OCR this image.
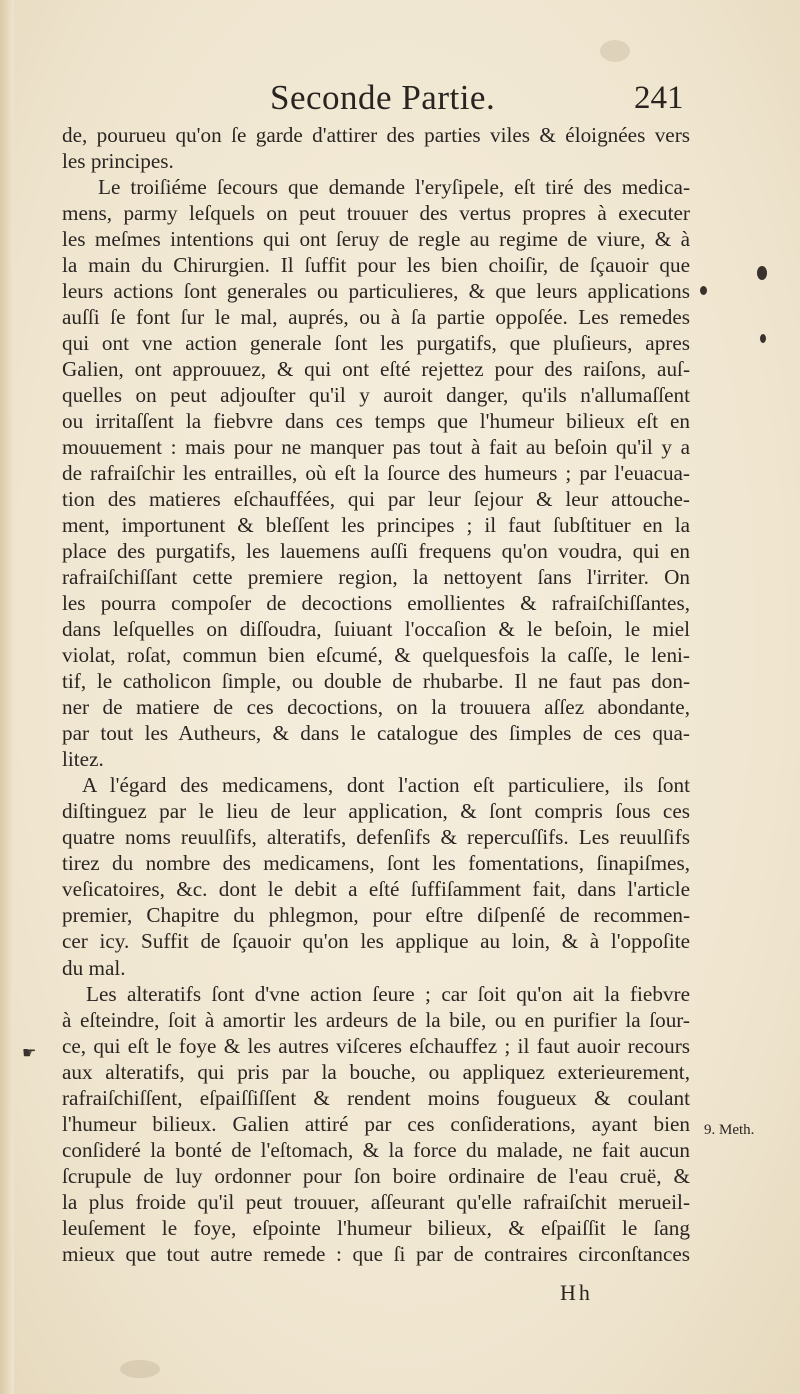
Seconde Partie.	241
de, pourueu qu'on ſe garde d'attirer des parties viles & éloignées vers
les principes.
Le troiſiéme ſecours que demande l'eryſipele, eſt tiré des medica-
mens, parmy leſquels on peut trouuer des vertus propres à executer
les meſmes intentions qui ont ſeruy de regle au regime de viure, & à
la main du Chirurgien. Il ſuffit pour les bien choiſir, de ſçauoir que
leurs actions ſont generales ou particulieres, & que leurs applications
auſſi ſe font ſur le mal, auprés, ou à ſa partie oppoſée. Les remedes
qui ont vne action generale ſont les purgatifs, que pluſieurs, apres
Galien, ont approuuez, & qui ont eſté rejettez pour des raiſons, auſ-
quelles on peut adjouſter qu'il y auroit danger, qu'ils n'allumaſſent
ou irritaſſent la fiebvre dans ces temps que l'humeur bilieux eſt en
mouuement : mais pour ne manquer pas tout à fait au beſoin qu'il y a
de rafraiſchir les entrailles, où eſt la ſource des humeurs ; par l'euacua-
tion des matieres eſchauffées, qui par leur ſejour & leur attouche-
ment, importunent & bleſſent les principes ; il faut ſubſtituer en la
place des purgatifs, les lauemens auſſi frequens qu'on voudra, qui en
rafraiſchiſſant cette premiere region, la nettoyent ſans l'irriter. On
les pourra compoſer de decoctions emollientes & rafraiſchiſſantes,
dans leſquelles on diſſoudra, ſuiuant l'occaſion & le beſoin, le miel
violat, roſat, commun bien eſcumé, & quelquesfois la caſſe, le leni-
tif, le catholicon ſimple, ou double de rhubarbe. Il ne faut pas don-
ner de matiere de ces decoctions, on la trouuera aſſez abondante,
par tout les Autheurs, & dans le catalogue des ſimples de ces qua-
litez.
A l'égard des medicamens, dont l'action eſt particuliere, ils ſont
diſtinguez par le lieu de leur application, & ſont compris ſous ces
quatre noms reuulſifs, alteratifs, defenſifs & repercuſſifs. Les reuulſifs
tirez du nombre des medicamens, ſont les fomentations, ſinapiſmes,
veſicatoires, &c. dont le debit a eſté ſuffiſamment fait, dans l'article
premier, Chapitre du phlegmon, pour eſtre diſpenſé de recommen-
cer icy. Suffit de ſçauoir qu'on les applique au loin, & à l'oppoſite
du mal.
Les alteratifs ſont d'vne action ſeure ; car ſoit qu'on ait la fiebvre
à eſteindre, ſoit à amortir les ardeurs de la bile, ou en purifier la ſour-
ce, qui eſt le foye & les autres viſceres eſchauffez ; il faut auoir recours
aux alteratifs, qui pris par la bouche, ou appliquez exterieurement,
rafraiſchiſſent, eſpaiſſiſſent & rendent moins fougueux & coulant
l'humeur bilieux. Galien attiré par ces conſiderations, ayant bien
conſideré la bonté de l'eſtomach, & la force du malade, ne fait aucun
ſcrupule de luy ordonner pour ſon boire ordinaire de l'eau cruë, &
la plus froide qu'il peut trouuer, aſſeurant qu'elle rafraiſchit merueil-
leuſement le foye, eſpointe l'humeur bilieux, & eſpaiſſit le ſang
mieux que tout autre remede : que ſi par de contraires circonſtances
9. Meth.
Hh
☛
